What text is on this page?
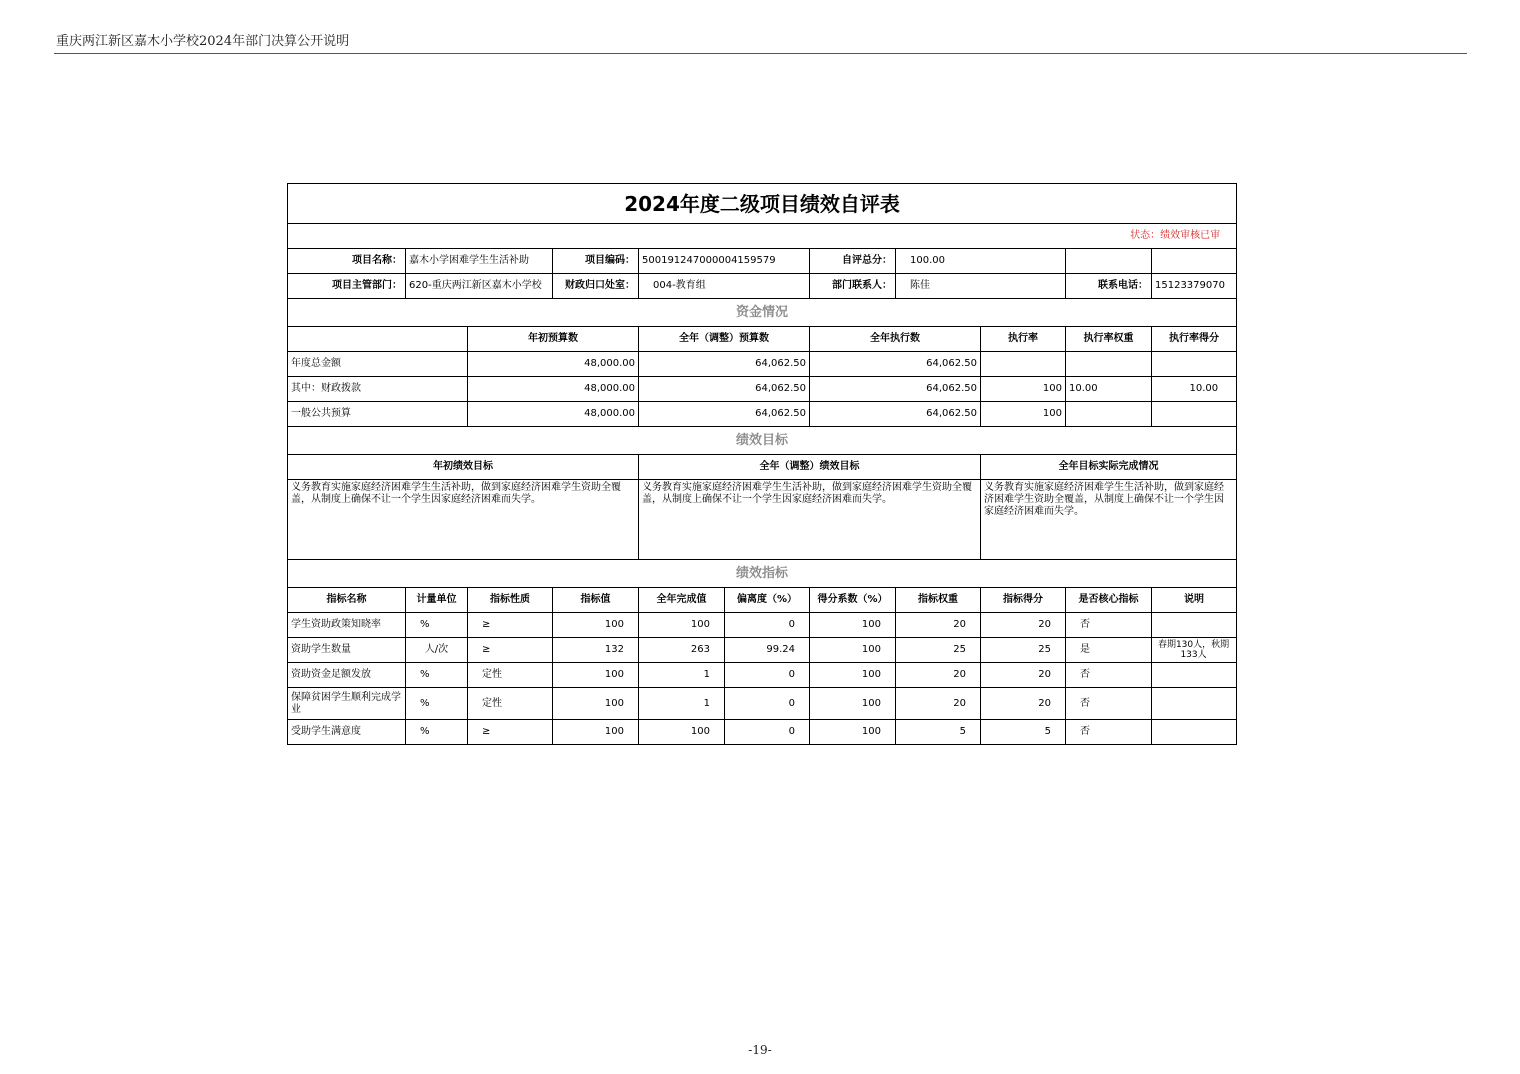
重庆两江新区嘉木小学校2024年部门决算公开说明
2024年度二级项目绩效自评表										
状态：绩效审核已审										
项目名称：	嘉木小学困难学生生活补助		项目编码：	500191247000004159579		自评总分：	100.00			
项目主管部门：	620-重庆两江新区嘉木小学校		财政归口处室：	004-教育组		部门联系人：	陈佳		联系电话：	15123379070
资金情况										
		年初预算数		全年（调整）预算数		全年执行数		执行率	执行率权重	执行率得分
年度总金额		48,000.00		64,062.50		64,062.50				
其中：财政拨款		48,000.00		64,062.50		64,062.50		100	10.00	10.00
一般公共预算		48,000.00		64,062.50		64,062.50		100		
绩效目标										
年初绩效目标				全年（调整）绩效目标				全年目标实际完成情况		
义务教育实施家庭经济困难学生生活补助，做到家庭经济困难学生资助全覆盖，从制度上确保不让一个学生因家庭经济困难而失学。				义务教育实施家庭经济困难学生生活补助，做到家庭经济困难学生资助全覆盖，从制度上确保不让一个学生因家庭经济困难而失学。				义务教育实施家庭经济困难学生生活补助，做到家庭经济困难学生资助全覆盖，从制度上确保不让一个学生因家庭经济困难而失学。		
绩效指标										
指标名称	计量单位	指标性质	指标值	全年完成值	偏离度（%）	得分系数（%）	指标权重	指标得分	是否核心指标	说明
学生资助政策知晓率	%	≥	100	100	0	100	20	20	否	
资助学生数量	人/次	≥	132	263	99.24	100	25	25	是	春期130人，秋期133人
资助资金足额发放	%	定性	100	1	0	100	20	20	否	
保障贫困学生顺利完成学业	%	定性	100	1	0	100	20	20	否	
受助学生满意度	%	≥	100	100	0	100	5	5	否	
-19-
